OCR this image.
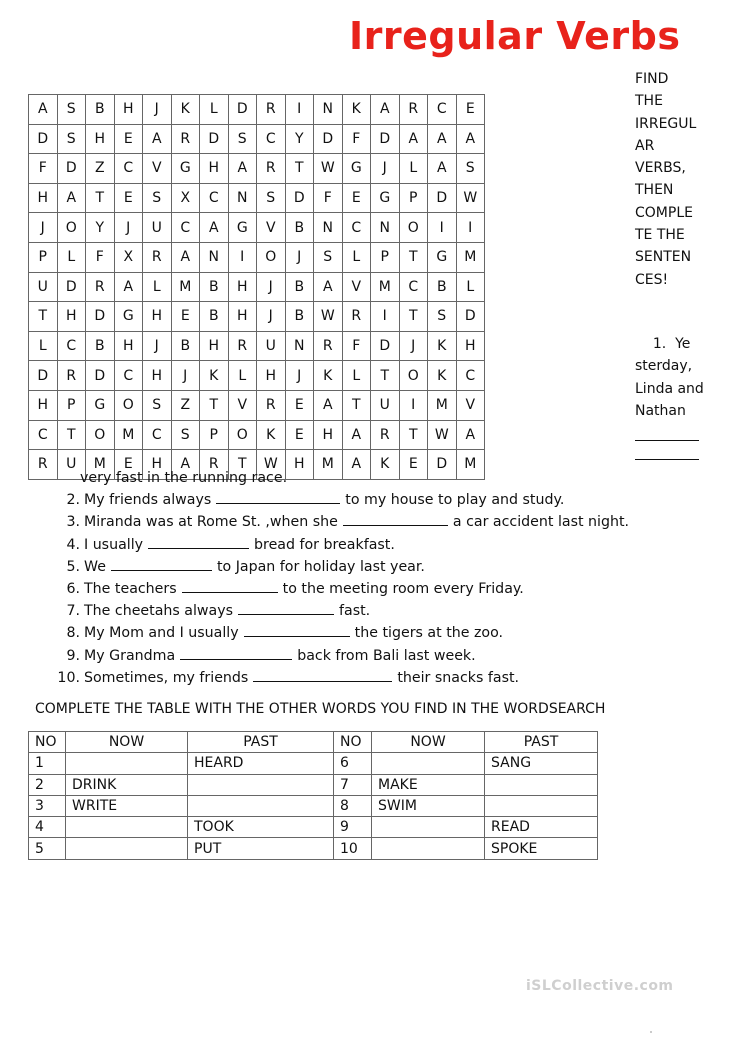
Irregular Verbs
A	S	B	H	J	K	L	D	R	I	N	K	A	R	C	E
D	S	H	E	A	R	D	S	C	Y	D	F	D	A	A	A
F	D	Z	C	V	G	H	A	R	T	W	G	J	L	A	S
H	A	T	E	S	X	C	N	S	D	F	E	G	P	D	W
J	O	Y	J	U	C	A	G	V	B	N	C	N	O	I	I
P	L	F	X	R	A	N	I	O	J	S	L	P	T	G	M
U	D	R	A	L	M	B	H	J	B	A	V	M	C	B	L
T	H	D	G	H	E	B	H	J	B	W	R	I	T	S	D
L	C	B	H	J	B	H	R	U	N	R	F	D	J	K	H
D	R	D	C	H	J	K	L	H	J	K	L	T	O	K	C
H	P	G	O	S	Z	T	V	R	E	A	T	U	I	M	V
C	T	O	M	C	S	P	O	K	E	H	A	R	T	W	A
R	U	M	E	H	A	R	T	W	H	M	A	K	E	D	M
FIND
THE
IRREGUL
AR
VERBS,
THEN
COMPLE
TE THE
SENTEN
CES!
1. Ye
sterday,
Linda and
Nathan
very fast in the running race.
2. My friends always	to my house to play and study.
3. Miranda was at Rome St. ,when she	a car accident last night.
4. I usually	bread for breakfast.
5. We	to Japan for holiday last year.
6. The teachers	to the meeting room every Friday.
7. The cheetahs always	fast.
8. My Mom and I usually	the tigers at the zoo.
9. My Grandma	back from Bali last week.
10. Sometimes, my friends	their snacks fast.
COMPLETE THE TABLE WITH THE OTHER WORDS YOU FIND IN THE WORDSEARCH
NO	NOW	PAST	NO	NOW	PAST
1		HEARD	6		SANG
2	DRINK		7	MAKE	
3	WRITE		8	SWIM	
4		TOOK	9		READ
5		PUT	10		SPOKE
iSLCollective.com
